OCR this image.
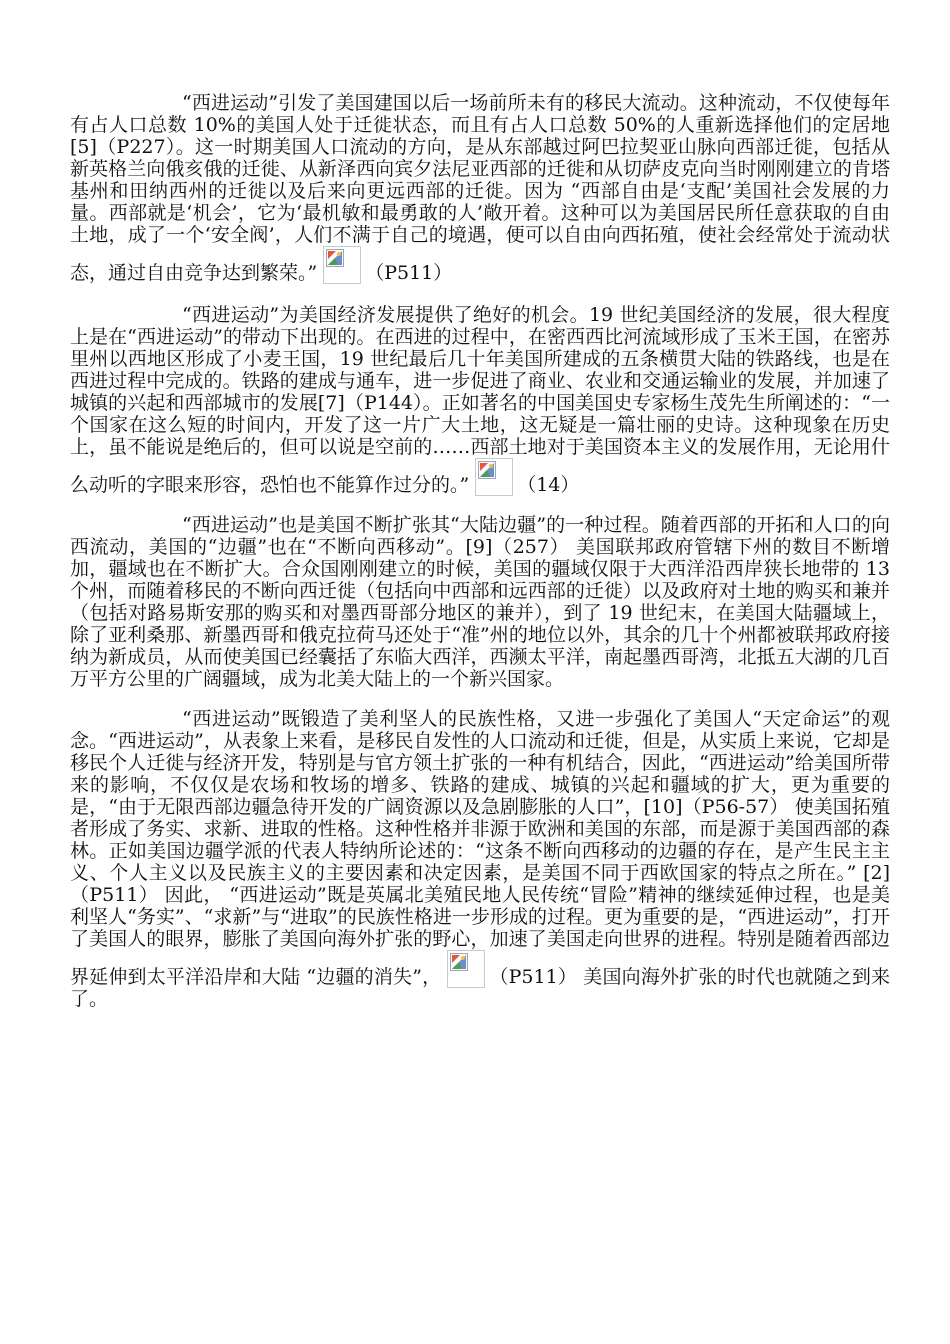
“西进运动”引发了美国建国以后一场前所未有的移民大流动。这种流动，不仅使每年有占人口总数 10%的美国人处于迁徙状态，而且有占人口总数 50%的人重新选择他们的定居地[5]（P227）。这一时期美国人口流动的方向，是从东部越过阿巴拉契亚山脉向西部迁徙，包括从新英格兰向俄亥俄的迁徙、从新泽西向宾夕法尼亚西部的迁徙和从切萨皮克向当时刚刚建立的肯塔基州和田纳西州的迁徙以及后来向更远西部的迁徙。因为 “西部自由是‘支配’美国社会发展的力量。西部就是‘机会’，它为‘最机敏和最勇敢的人’敞开着。这种可以为美国居民所任意获取的自由土地，成了一个‘安全阀’，人们不满于自己的境遇，便可以自由向西拓殖，使社会经常处于流动状态，通过自由竞争达到繁荣。”	（P511）

“西进运动”为美国经济发展提供了绝好的机会。19 世纪美国经济的发展，很大程度上是在“西进运动”的带动下出现的。在西进的过程中，在密西西比河流域形成了玉米王国，在密苏里州以西地区形成了小麦王国，19 世纪最后几十年美国所建成的五条横贯大陆的铁路线，也是在西进过程中完成的。铁路的建成与通车，进一步促进了商业、农业和交通运输业的发展，并加速了城镇的兴起和西部城市的发展[7]（P144）。正如著名的中国美国史专家杨生茂先生所阐述的：“一个国家在这么短的时间内，开发了这一片广大土地，这无疑是一篇壮丽的史诗。这种现象在历史上，虽不能说是绝后的，但可以说是空前的……西部土地对于美国资本主义的发展作用，无论用什么动听的字眼来形容，恐怕也不能算作过分的。”	（14）

“西进运动”也是美国不断扩张其“大陆边疆”的一种过程。随着西部的开拓和人口的向西流动，美国的“边疆”也在“不断向西移动”。[9]（257） 美国联邦政府管辖下州的数目不断增加，疆域也在不断扩大。合众国刚刚建立的时候，美国的疆域仅限于大西洋沿西岸狭长地带的 13 个州，而随着移民的不断向西迁徙（包括向中西部和远西部的迁徙）以及政府对土地的购买和兼并（包括对路易斯安那的购买和对墨西哥部分地区的兼并），到了 19 世纪末，在美国大陆疆域上，除了亚利桑那、新墨西哥和俄克拉荷马还处于“准”州的地位以外，其余的几十个州都被联邦政府接纳为新成员，从而使美国已经囊括了东临大西洋，西濒太平洋，南起墨西哥湾，北抵五大湖的几百万平方公里的广阔疆域，成为北美大陆上的一个新兴国家。

“西进运动”既锻造了美利坚人的民族性格，又进一步强化了美国人“天定命运”的观念。“西进运动”，从表象上来看，是移民自发性的人口流动和迁徙，但是，从实质上来说，它却是移民个人迁徙与经济开发，特别是与官方领土扩张的一种有机结合，因此，“西进运动”给美国所带来的影响，不仅仅是农场和牧场的增多、铁路的建成、城镇的兴起和疆域的扩大，更为重要的是，“由于无限西部边疆急待开发的广阔资源以及急剧膨胀的人口”，[10]（P56-57） 使美国拓殖者形成了务实、求新、进取的性格。这种性格并非源于欧洲和美国的东部，而是源于美国西部的森林。正如美国边疆学派的代表人特纳所论述的：“这条不断向西移动的边疆的存在，是产生民主主义、个人主义以及民族主义的主要因素和决定因素，是美国不同于西欧国家的特点之所在。” [2]（P511） 因此， “西进运动”既是英属北美殖民地人民传统“冒险”精神的继续延伸过程，也是美利坚人“务实”、“求新”与“进取”的民族性格进一步形成的过程。更为重要的是，“西进运动”，打开了美国人的眼界，膨胀了美国向海外扩张的野心，加速了美国走向世界的进程。特别是随着西部边界延伸到太平洋沿岸和大陆 “边疆的消失”，	（P511） 美国向海外扩张的时代也就随之到来了。
